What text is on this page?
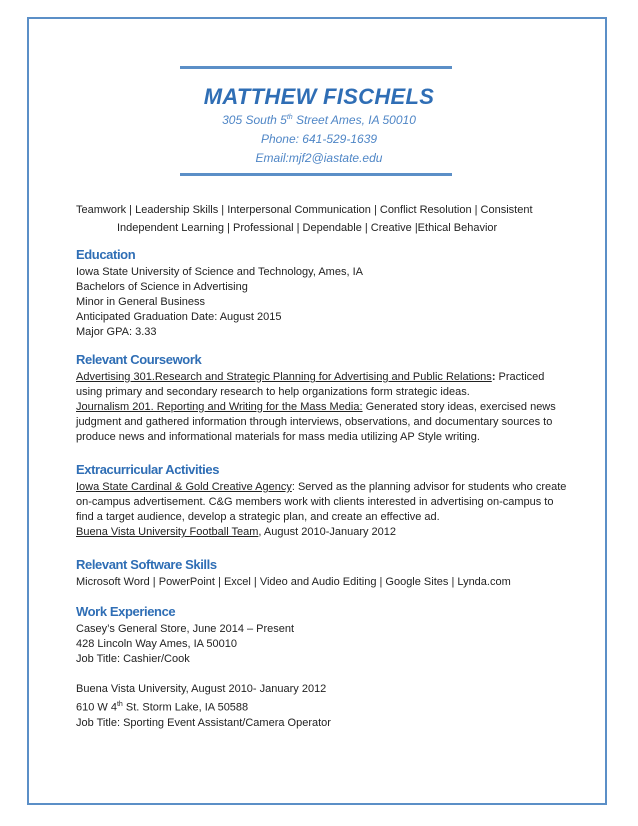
MATTHEW FISCHELS
305 South 5th Street Ames, IA 50010
Phone: 641-529-1639
Email:mjf2@iastate.edu
Teamwork | Leadership Skills | Interpersonal Communication | Conflict Resolution | Consistent
Independent Learning | Professional | Dependable | Creative |Ethical Behavior
Education

Iowa State University of Science and Technology, Ames, IA

Bachelors of Science in Advertising

Minor in General Business

Anticipated Graduation Date: August 2015

Major GPA: 3.33

Relevant Coursework

Advertising 301.Research and Strategic Planning for Advertising and Public Relations: Practiced using primary and secondary research to help organizations form strategic ideas.

Journalism 201. Reporting and Writing for the Mass Media: Generated story ideas, exercised news judgment and gathered information through interviews, observations, and documentary sources to produce news and informational materials for mass media utilizing AP Style writing.

Extracurricular Activities

Iowa State Cardinal & Gold Creative Agency: Served as the planning advisor for students who create on-campus advertisement. C&G members work with clients interested in advertising on-campus to find a target audience, develop a strategic plan, and create an effective ad.

Buena Vista University Football Team, August 2010-January 2012

Relevant Software Skills

Microsoft Word | PowerPoint | Excel | Video and Audio Editing | Google Sites | Lynda.com

Work Experience

Casey’s General Store, June 2014 – Present

428 Lincoln Way Ames, IA 50010

Job Title: Cashier/Cook

Buena Vista University, August 2010- January 2012

610 W 4th St. Storm Lake, IA 50588

Job Title: Sporting Event Assistant/Camera Operator
